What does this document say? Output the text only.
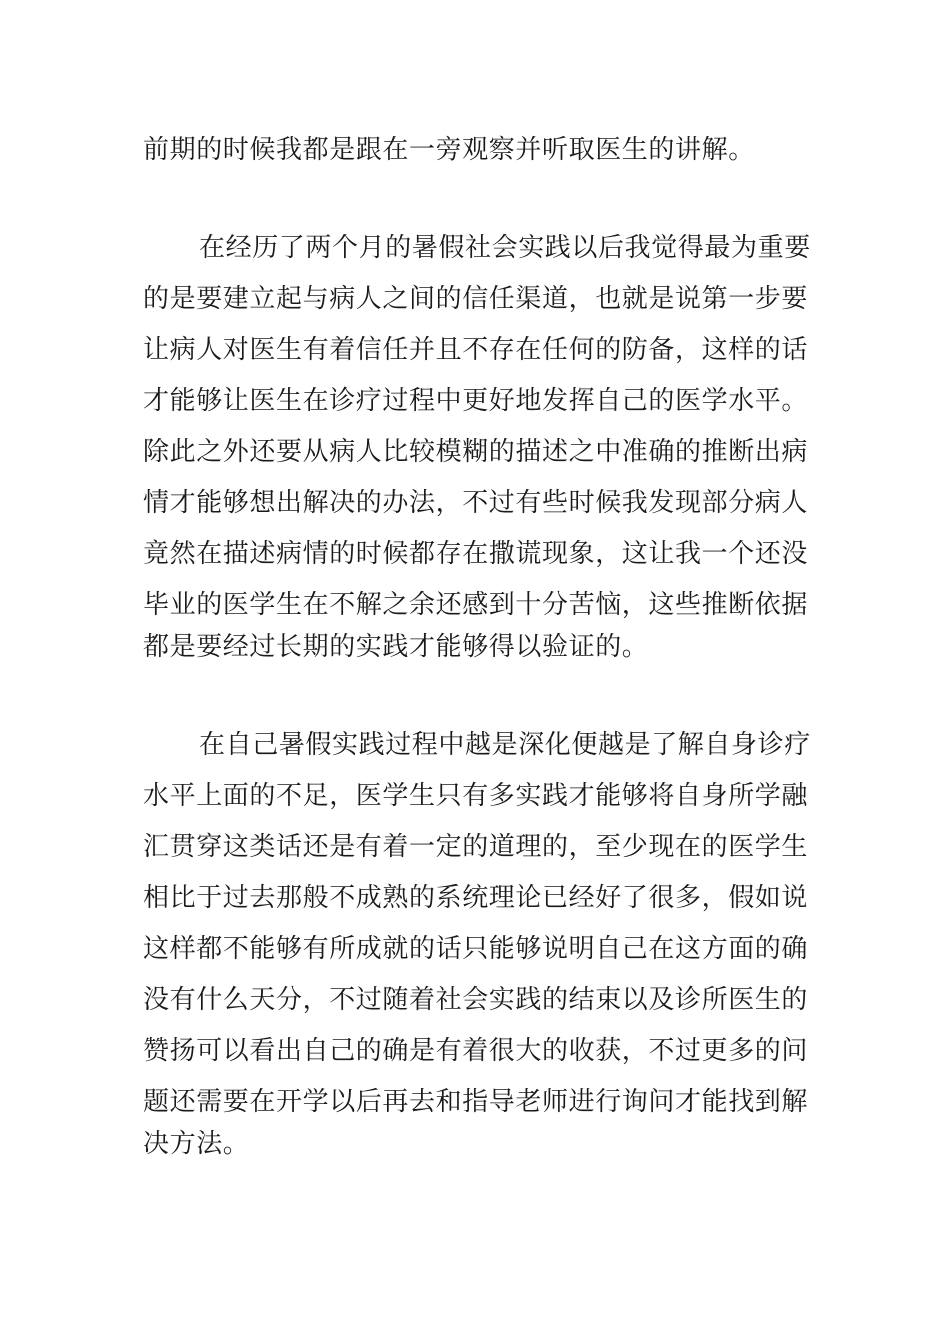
前期的时候我都是跟在一旁观察并听取医生的讲解。
在经历了两个月的暑假社会实践以后我觉得最为重要
的是要建立起与病人之间的信任渠道，也就是说第一步要
让病人对医生有着信任并且不存在任何的防备，这样的话
才能够让医生在诊疗过程中更好地发挥自己的医学水平。
除此之外还要从病人比较模糊的描述之中准确的推断出病
情才能够想出解决的办法，不过有些时候我发现部分病人
竟然在描述病情的时候都存在撒谎现象，这让我一个还没
毕业的医学生在不解之余还感到十分苦恼，这些推断依据
都是要经过长期的实践才能够得以验证的。
在自己暑假实践过程中越是深化便越是了解自身诊疗
水平上面的不足，医学生只有多实践才能够将自身所学融
汇贯穿这类话还是有着一定的道理的，至少现在的医学生
相比于过去那般不成熟的系统理论已经好了很多，假如说
这样都不能够有所成就的话只能够说明自己在这方面的确
没有什么天分，不过随着社会实践的结束以及诊所医生的
赞扬可以看出自己的确是有着很大的收获，不过更多的问
题还需要在开学以后再去和指导老师进行询问才能找到解
决方法。
